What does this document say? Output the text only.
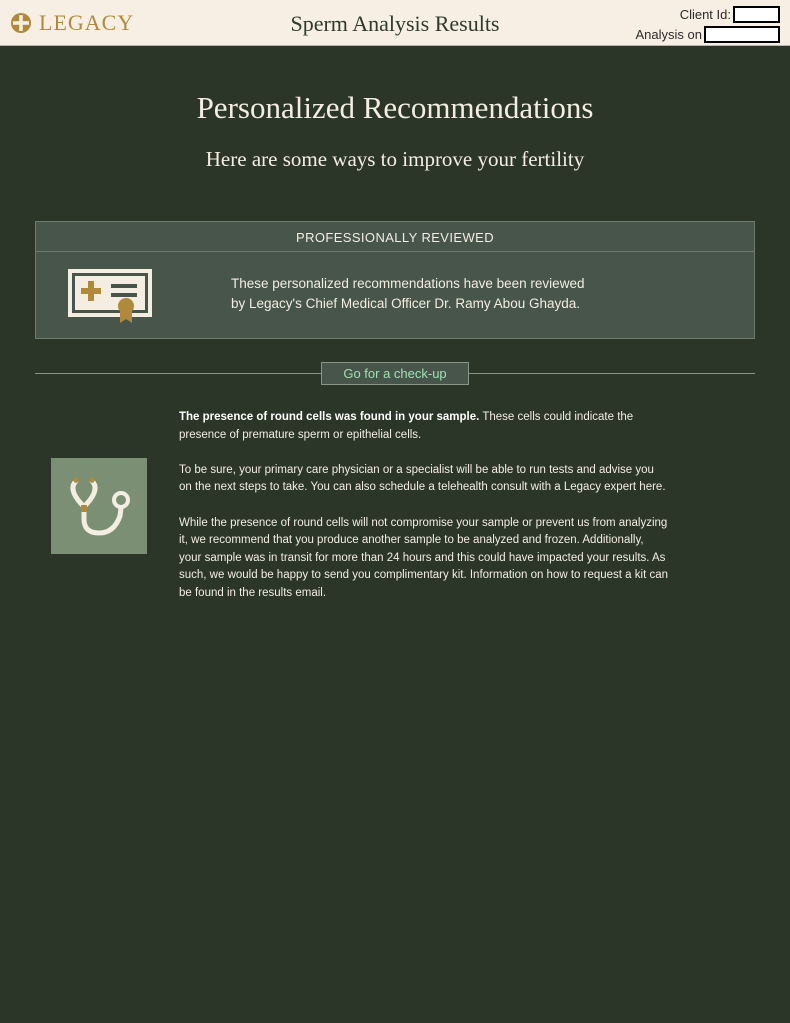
LEGACY	Sperm Analysis Results	Client Id:
Analysis on
Personalized Recommendations
Here are some ways to improve your fertility
PROFESSIONALLY REVIEWED
These personalized recommendations have been reviewed
by Legacy's Chief Medical Officer Dr. Ramy Abou Ghayda.
Go for a check-up

The presence of round cells was found in your sample. These cells could indicate the presence of premature sperm or epithelial cells.

To be sure, your primary care physician or a specialist will be able to run tests and advise you on the next steps to take. You can also schedule a telehealth consult with a Legacy expert here.

While the presence of round cells will not compromise your sample or prevent us from analyzing it, we recommend that you produce another sample to be analyzed and frozen. Additionally, your sample was in transit for more than 24 hours and this could have impacted your results. As such, we would be happy to send you complimentary kit. Information on how to request a kit can be found in the results email.
